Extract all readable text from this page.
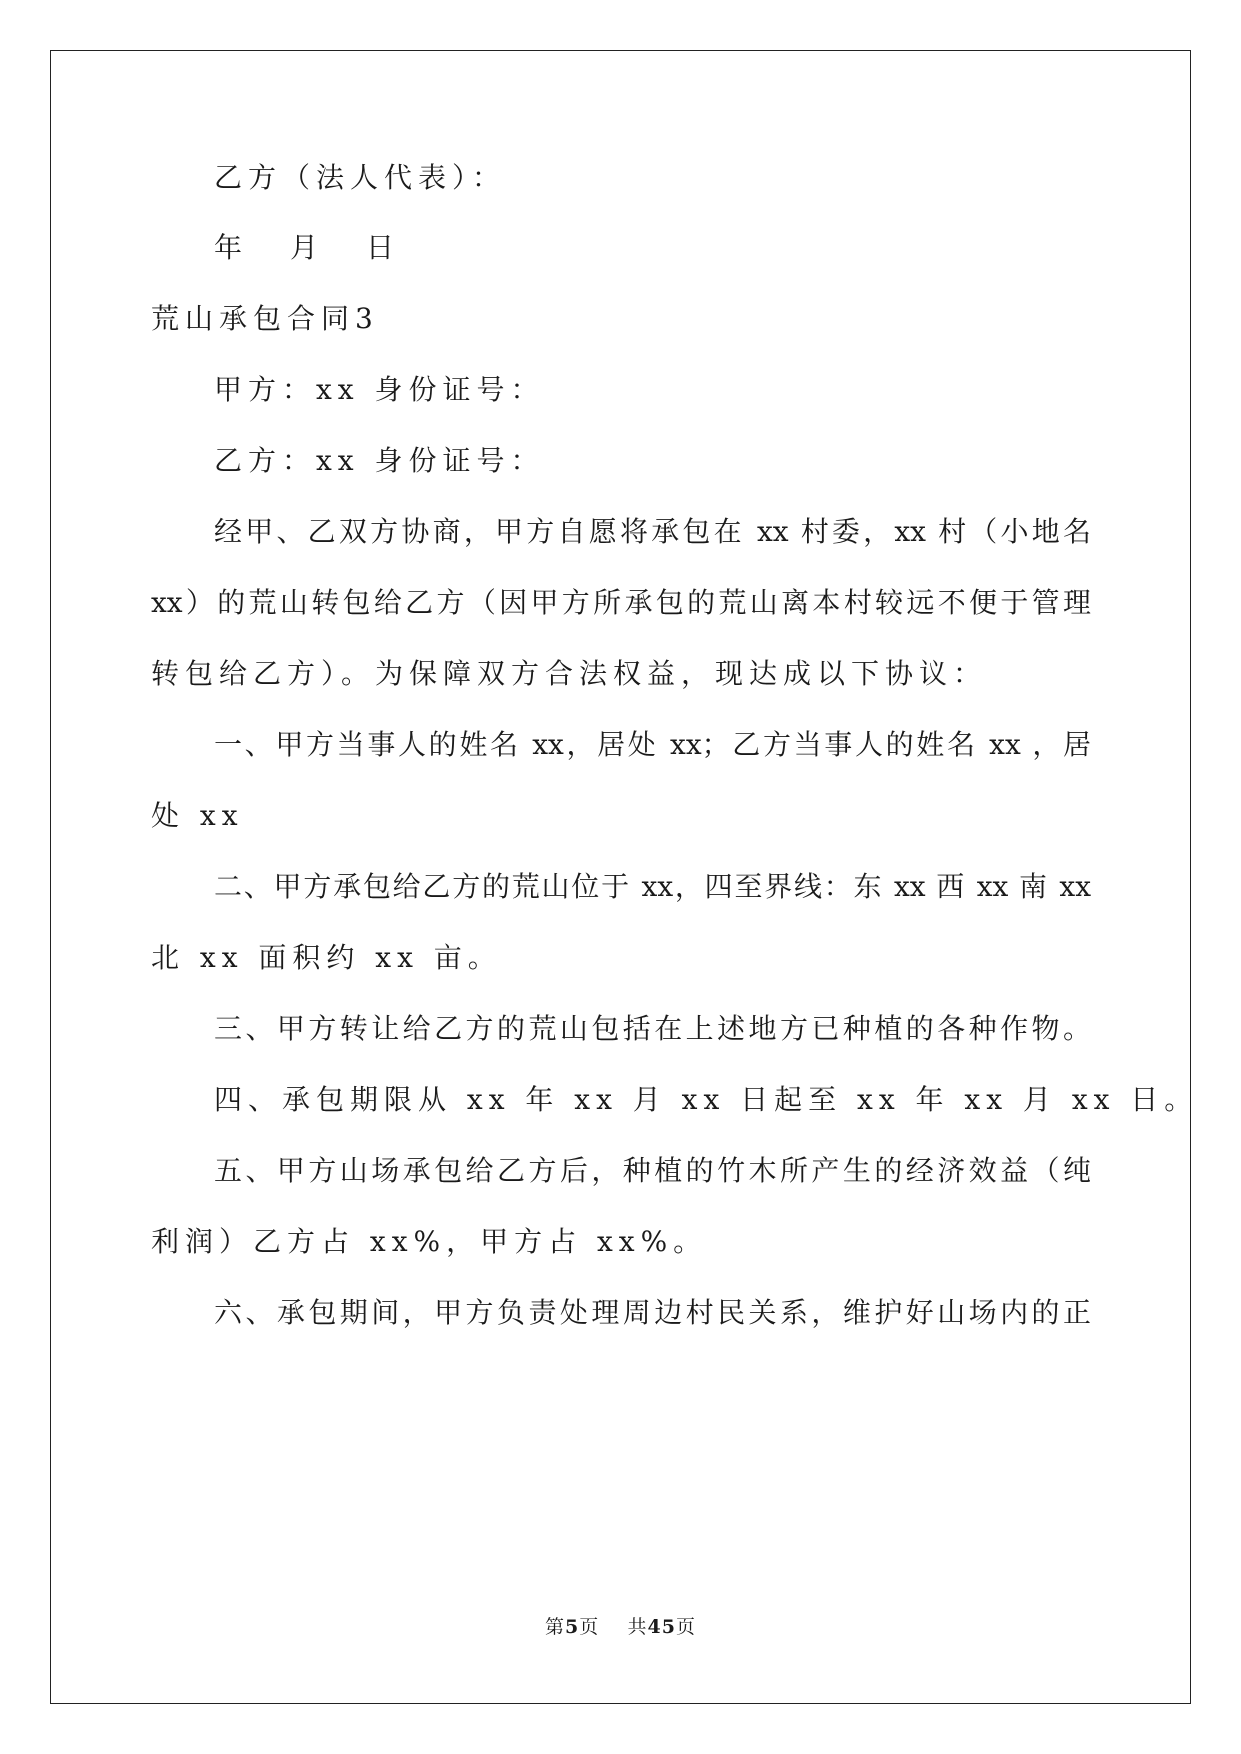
乙方（法人代表）：
年　月　日
荒山承包合同3
甲方：xx 身份证号：
乙方：xx 身份证号：
经甲、乙双方协商，甲方自愿将承包在 xx 村委，xx 村（小地名
xx）的荒山转包给乙方（因甲方所承包的荒山离本村较远不便于管理
转包给乙方）。为保障双方合法权益，现达成以下协议：
一、甲方当事人的姓名 xx，居处 xx；乙方当事人的姓名 xx ，居
处 xx
二、甲方承包给乙方的荒山位于 xx，四至界线：东 xx 西 xx 南 xx
北 xx 面积约 xx 亩。
三、甲方转让给乙方的荒山包括在上述地方已种植的各种作物。
四、承包期限从 xx 年 xx 月 xx 日起至 xx 年 xx 月 xx 日。
五、甲方山场承包给乙方后，种植的竹木所产生的经济效益（纯
利润）乙方占 xx%，甲方占 xx%。
六、承包期间，甲方负责处理周边村民关系，维护好山场内的正
第5页 共45页
